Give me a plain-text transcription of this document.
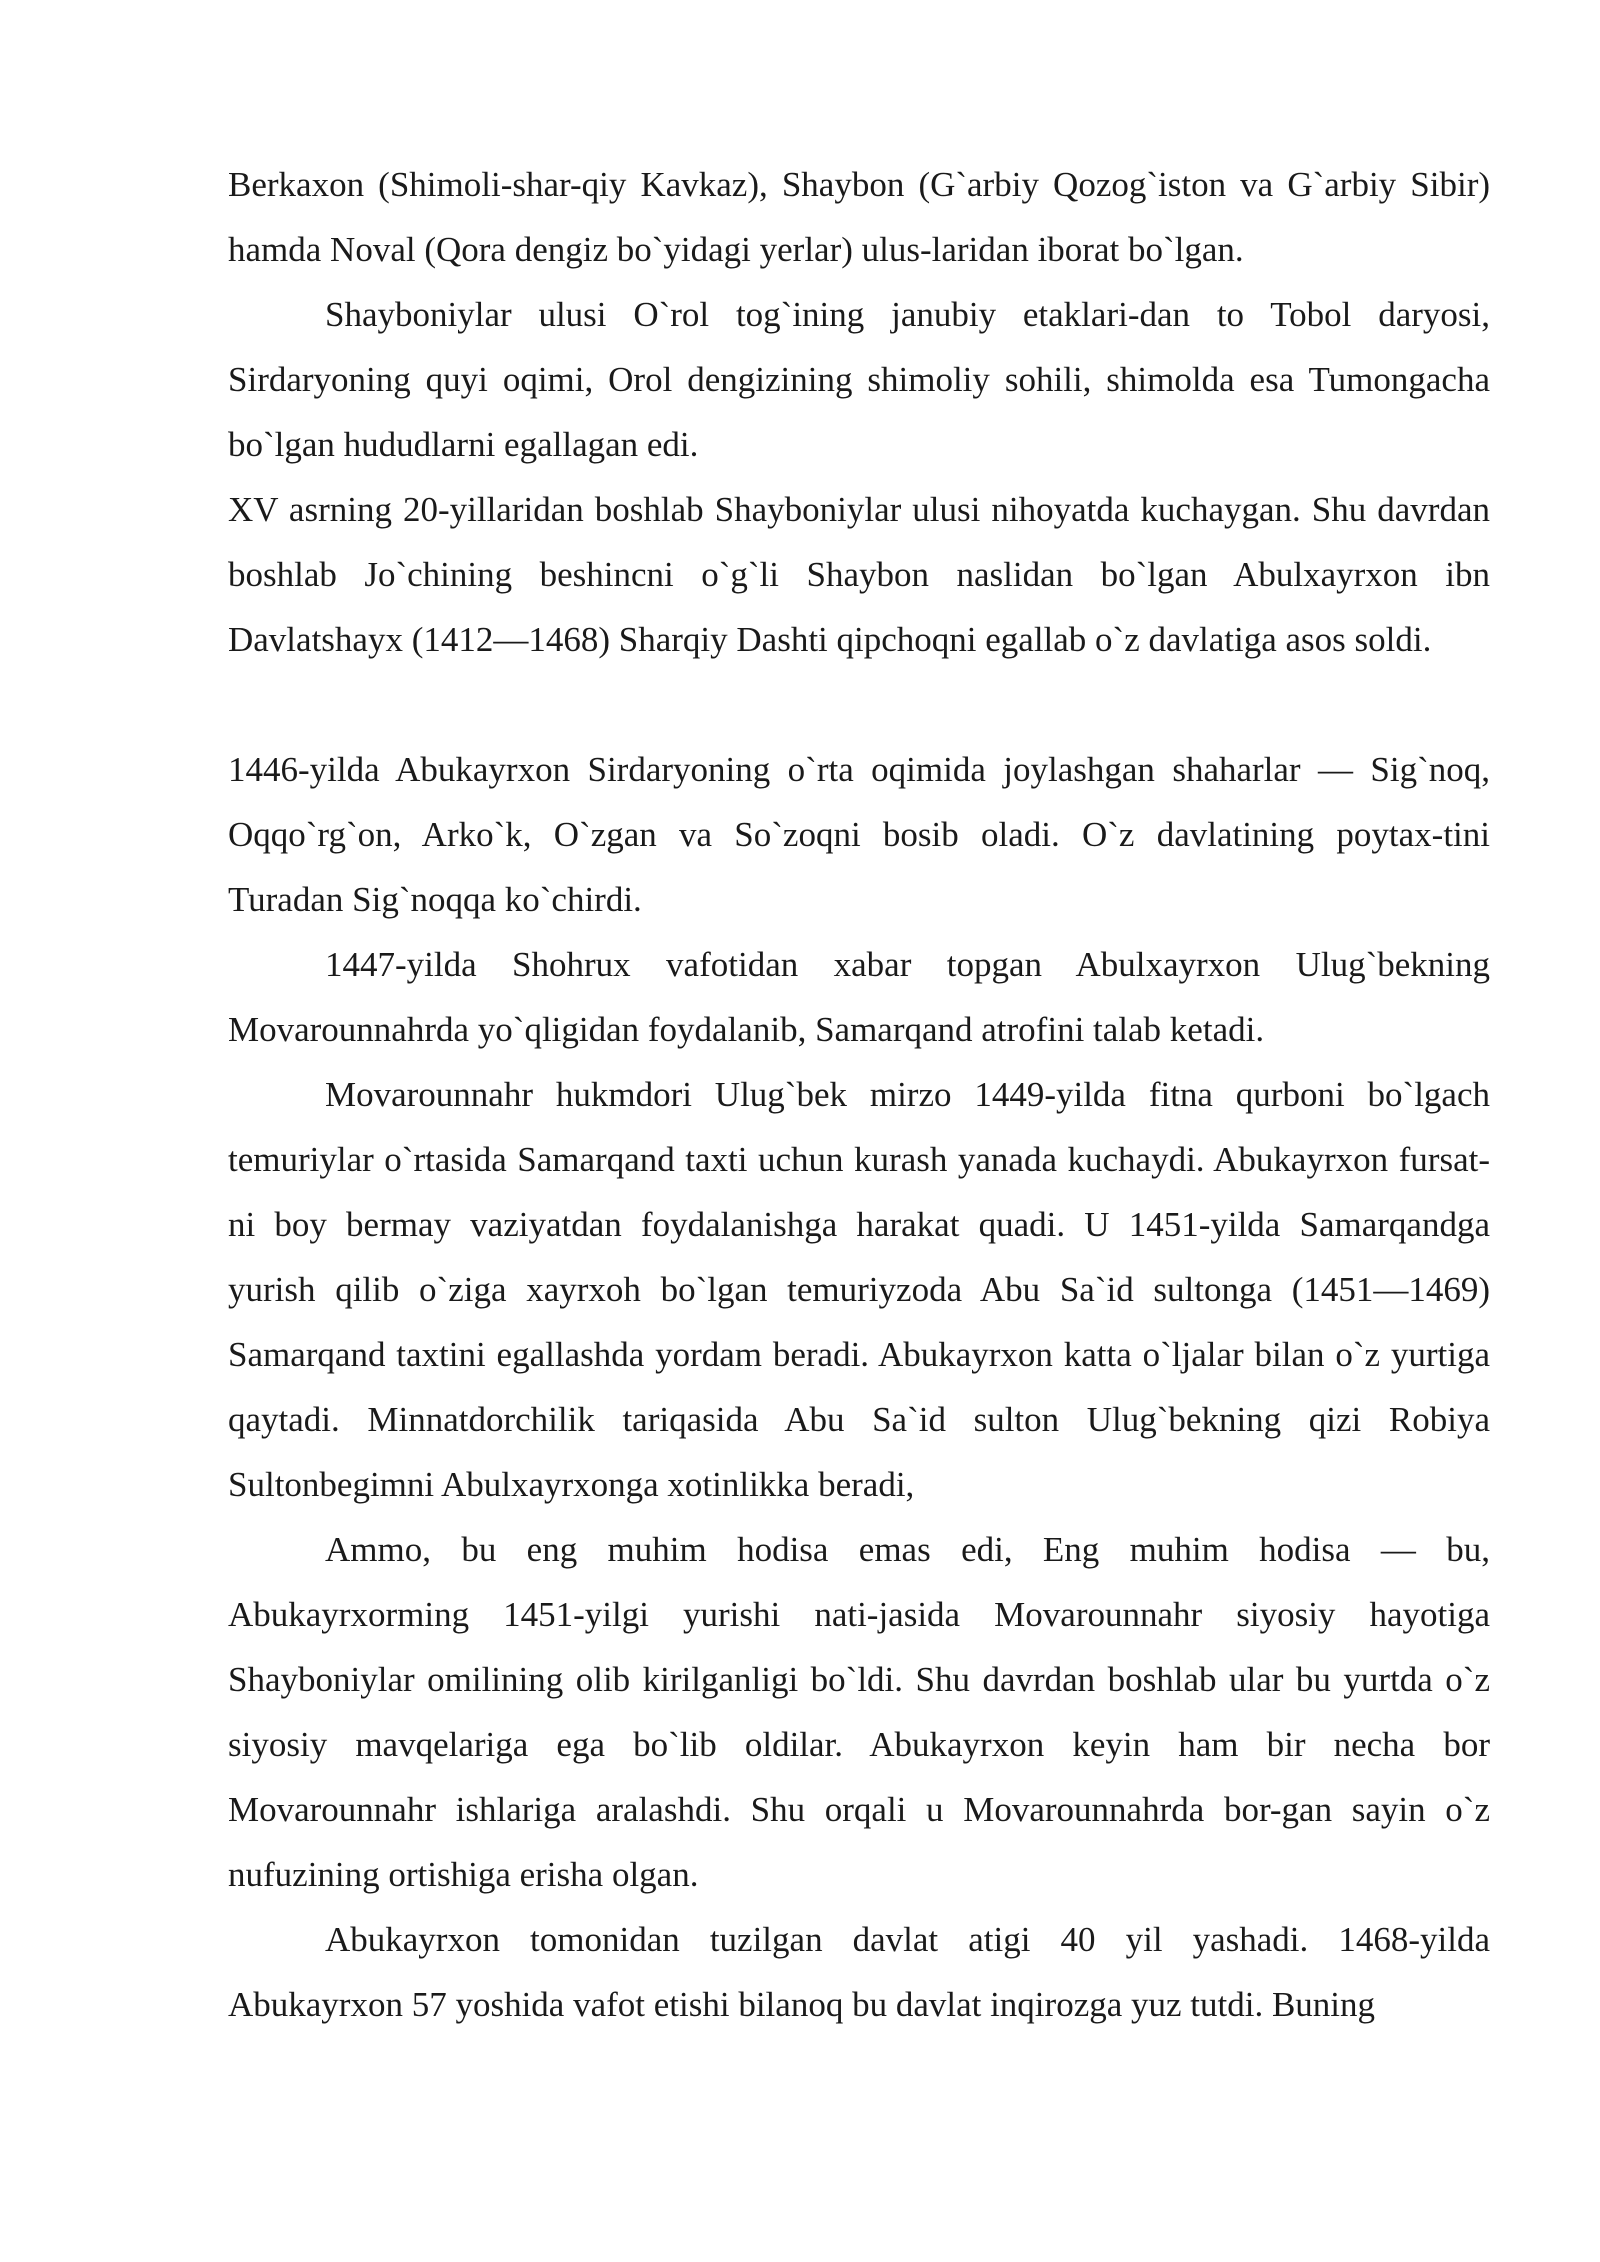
Berkaxon (Shimoli-shar-qiy Kavkaz), Shaybon (G`arbiy Qozog`iston va G`arbiy Sibir) hamda Noval (Qora dengiz bo`yidagi yerlar) ulus-laridan iborat bo`lgan.

Shayboniylar ulusi O`rol tog`ining janubiy etaklari-dan to Tobol daryosi, Sirdaryoning quyi oqimi, Orol dengizining shimoliy sohili, shimolda esa Tumongacha bo`lgan hududlarni egallagan edi.

XV asrning 20-yillaridan boshlab Shayboniylar ulusi nihoyatda kuchaygan. Shu davrdan boshlab Jo`chining beshincni o`g`li Shaybon naslidan bo`lgan Abulxayrxon ibn Davlatshayx (1412—1468) Sharqiy Dashti qipchoqni egallab o`z davlatiga asos soldi.

1446-yilda Abukayrxon Sirdaryoning o`rta oqimida joylashgan shaharlar — Sig`noq, Oqqo`rg`on, Arko`k, O`zgan va So`zoqni bosib oladi. O`z davlatining poytax-tini Turadan Sig`noqqa ko`chirdi.

1447-yilda Shohrux vafotidan xabar topgan Abulxayrxon Ulug`bekning Movarounnahrda yo`qligidan foydalanib, Samarqand atrofini talab ketadi.

Movarounnahr hukmdori Ulug`bek mirzo 1449-yilda fitna qurboni bo`lgach temuriylar o`rtasida Samarqand taxti uchun kurash yanada kuchaydi. Abukayrxon fursat-ni boy bermay vaziyatdan foydalanishga harakat quadi. U 1451-yilda Samarqandga yurish qilib o`ziga xayrxoh bo`lgan temuriyzoda Abu Sa`id sultonga (1451—1469) Samarqand taxtini egallashda yordam beradi. Abukayrxon katta o`ljalar bilan o`z yurtiga qaytadi. Minnatdorchilik tariqasida Abu Sa`id sulton Ulug`bekning qizi Robiya Sultonbegimni Abulxayrxonga xotinlikka beradi,

Ammo, bu eng muhim hodisa emas edi, Eng muhim hodisa — bu, Abukayrxorming 1451-yilgi yurishi nati-jasida Movarounnahr siyosiy hayotiga Shayboniylar omilining olib kirilganligi bo`ldi. Shu davrdan boshlab ular bu yurtda o`z siyosiy mavqelariga ega bo`lib oldilar. Abukayrxon keyin ham bir necha bor Movarounnahr ishlariga aralashdi. Shu orqali u Movarounnahrda bor-gan sayin o`z nufuzining ortishiga erisha olgan.

Abukayrxon tomonidan tuzilgan davlat atigi 40 yil yashadi. 1468-yilda Abukayrxon 57 yoshida vafot etishi bilanoq bu davlat inqirozga yuz tutdi. Buning
